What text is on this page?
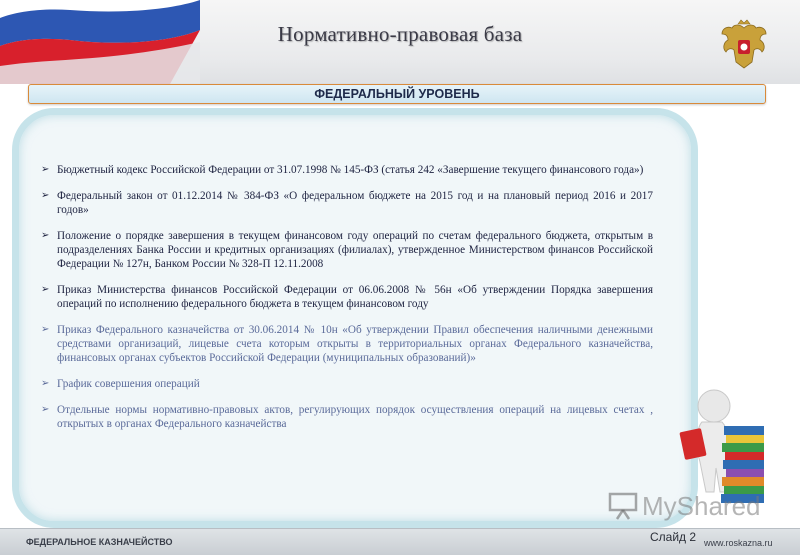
Нормативно-правовая база
ФЕДЕРАЛЬНЫЙ УРОВЕНЬ
➢ Бюджетный кодекс Российской Федерации от 31.07.1998 № 145-ФЗ (статья 242 «Завершение текущего финансового года»)
➢ Федеральный закон от 01.12.2014 № 384-ФЗ «О федеральном бюджете на 2015 год и на плановый период 2016 и 2017 годов»
➢ Положение о порядке завершения в текущем финансовом году операций по счетам федерального бюджета, открытым в подразделениях Банка России и кредитных организациях (филиалах), утвержденное Министерством финансов Российской Федерации № 127н, Банком России № 328-П 12.11.2008
➢ Приказ Министерства финансов Российской Федерации от 06.06.2008 № 56н «Об утверждении Порядка завершения операций по исполнению федерального бюджета в текущем финансовом году
➢ Приказ Федерального казначейства от 30.06.2014 № 10н «Об утверждении Правил обеспечения наличными денежными средствами организаций, лицевые счета которым открыты в территориальных органах Федерального казначейства, финансовых органах субъектов Российской Федерации (муниципальных образований)»
➢ График совершения операций
➢ Отдельные нормы нормативно-правовых актов, регулирующих порядок осуществления операций на лицевых счетах , открытых в органах Федерального казначейства
MyShared
ФЕДЕРАЛЬНОЕ КАЗНАЧЕЙСТВО	www.roskazna.ru
Слайд 2
